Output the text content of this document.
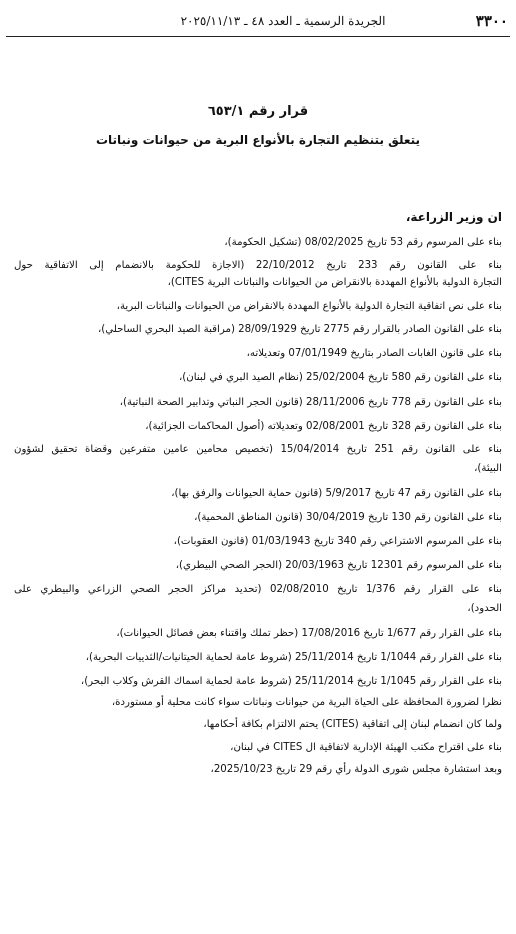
٣٣٠٠
الجريدة الرسمية ـ العدد ٤٨ ـ ٢٠٢٥/١١/١٣
قرار رقم ٦٥٣/١
يتعلق بتنظيم التجارة بالأنواع البرية من حيوانات ونباتات
ان وزير الزراعة،
بناء على المرسوم رقم 53 تاريخ 08/02/2025 (تشكيل الحكومة)،
بناء على القانون رقم 233 تاريخ 22/10/2012 (الاجازة للحكومة بالانضمام إلى الاتفاقية حول
التجارة الدولية بالأنواع المهددة بالانقراض من الحيوانات والنباتات البرية CITES)،
بناء على نص اتفاقية التجارة الدولية بالأنواع المهددة بالانقراض من الحيوانات والنباتات البرية،
بناء على القانون الصادر بالقرار رقم 2775 تاريخ 28/09/1929 (مراقبة الصيد البحري الساحلي)،
بناء على قانون الغابات الصادر بتاريخ 07/01/1949 وتعديلاته،
بناء على القانون رقم 580 تاريخ 25/02/2004 (نظام الصيد البري في لبنان)،
بناء على القانون رقم 778 تاريخ 28/11/2006 (قانون الحجر النباتي وتدابير الصحة النباتية)،
بناء على القانون رقم 328 تاريخ 02/08/2001 وتعديلاته (أصول المحاكمات الجزائية)،
بناء على القانون رقم 251 تاريخ 15/04/2014 (تخصيص محامين عامين متفرعين وقضاة تحقيق لشؤون
البيئة)،
بناء على القانون رقم 47 تاريخ 5/9/2017 (قانون حماية الحيوانات والرفق بها)،
بناء على القانون رقم 130 تاريخ 30/04/2019 (قانون المناطق المحمية)،
بناء على المرسوم الاشتراعي رقم 340 تاريخ 01/03/1943 (قانون العقوبات)،
بناء على المرسوم رقم 12301 تاريخ 20/03/1963 (الحجر الصحي البيطري)،
بناء على القرار رقم 1/376 تاريخ 02/08/2010 (تحديد مراكز الحجر الصحي الزراعي والبيطري على
الحدود)،
بناء على القرار رقم 1/677 تاريخ 17/08/2016 (حظر تملك واقتناء بعض فصائل الحيوانات)،
بناء على القرار رقم 1/1044 تاريخ 25/11/2014 (شروط عامة لحماية الحيتانيات/الثدييات البحرية)،
بناء على القرار رقم 1/1045 تاريخ 25/11/2014 (شروط عامة لحماية اسماك القرش وكلاب البحر)،
نظرا لضرورة المحافظة على الحياة البرية من حيوانات ونباتات سواء كانت محلية أو مستوردة،
ولما كان انضمام لبنان إلى اتفاقية (CITES) يحتم الالتزام بكافة أحكامها،
بناء على اقتراح مكتب الهيئة الإدارية لاتفاقية ال CITES في لبنان،
وبعد استشارة مجلس شورى الدولة رأي رقم 29 تاريخ 2025/10/23،
